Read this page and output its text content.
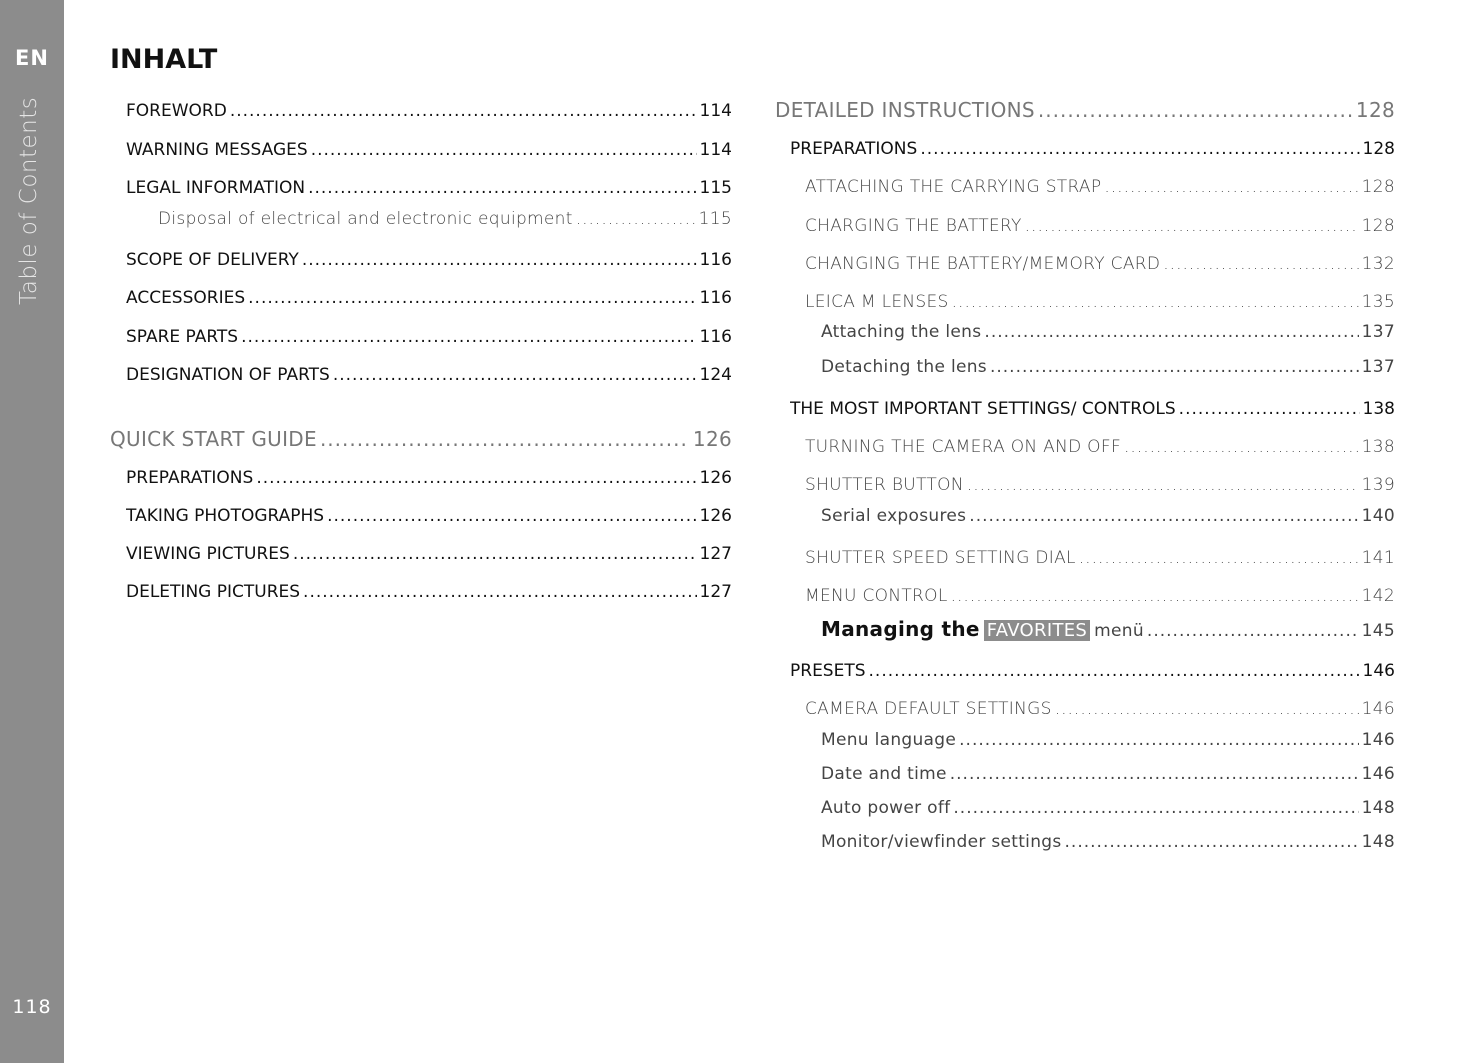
EN
Table of Contents
118
INHALT
FOREWORD .....	114
WARNING MESSAGES .....	114
LEGAL INFORMATION .....	115
Disposal of electrical and electronic equipment .....	115
SCOPE OF DELIVERY .....	116
ACCESSORIES .....	116
SPARE PARTS .....	116
DESIGNATION OF PARTS .....	124
QUICK START GUIDE .....	126
PREPARATIONS .....	126
TAKING PHOTOGRAPHS .....	126
VIEWING PICTURES .....	127
DELETING PICTURES .....	127
DETAILED INSTRUCTIONS .....	128
PREPARATIONS .....	128
ATTACHING THE CARRYING STRAP .....	128
CHARGING THE BATTERY .....	128
CHANGING THE BATTERY/MEMORY CARD .....	132
LEICA M LENSES .....	135
Attaching the lens .....	137
Detaching the lens .....	137
THE MOST IMPORTANT SETTINGS/ CONTROLS .....	138
TURNING THE CAMERA ON AND OFF .....	138
SHUTTER BUTTON .....	139
Serial exposures .....	140
SHUTTER SPEED SETTING DIAL .....	141
MENU CONTROL .....	142
Managing the FAVORITES menü .....	145
PRESETS .....	146
CAMERA DEFAULT SETTINGS .....	146
Menu language .....	146
Date and time .....	146
Auto power off .....	148
Monitor/viewfinder settings .....	148
